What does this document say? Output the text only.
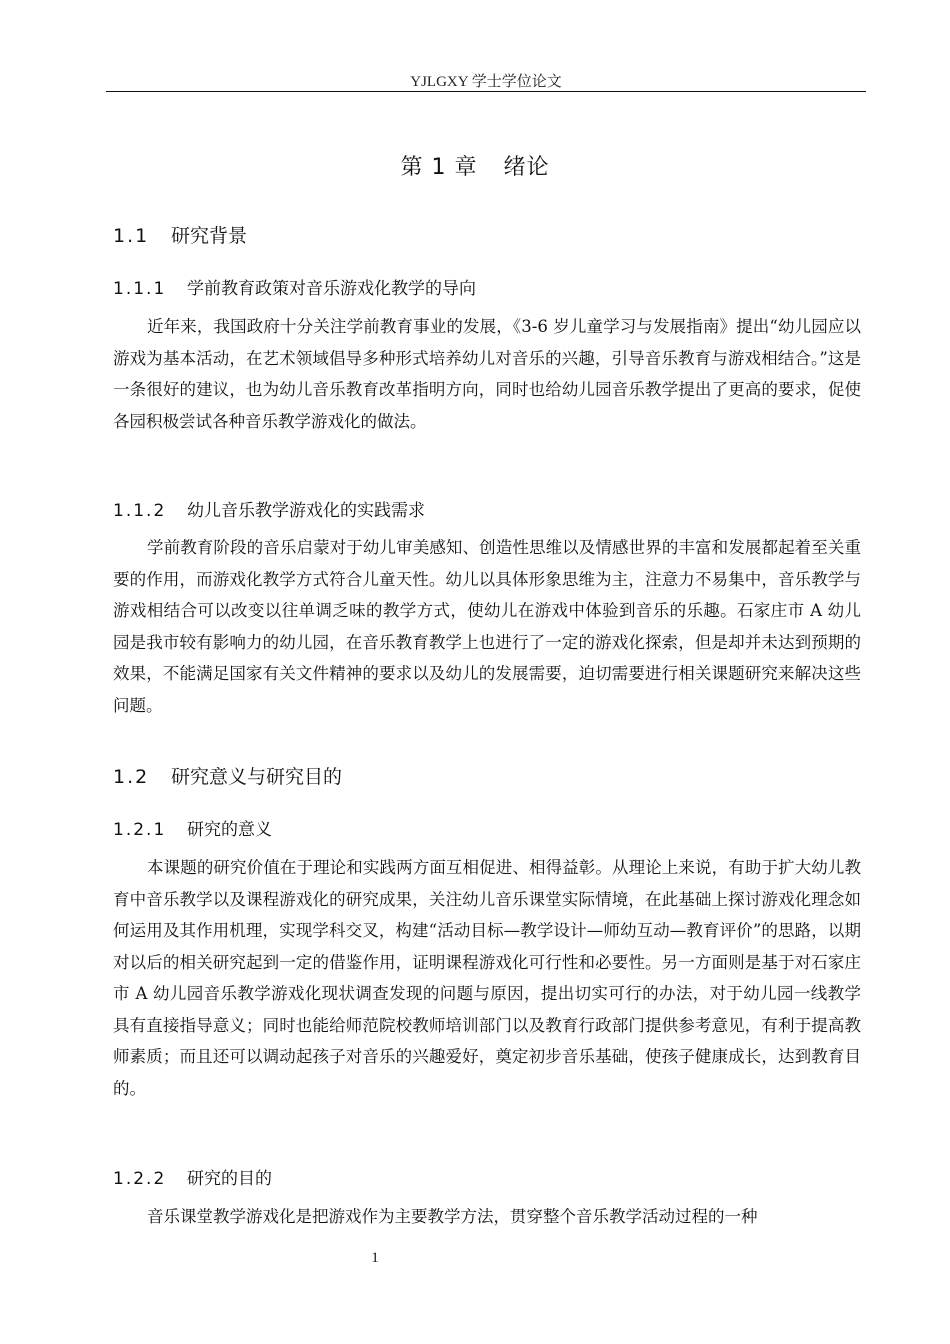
YJLGXY 学士学位论文
第 1 章 绪论
1.1 研究背景
1.1.1 学前教育政策对音乐游戏化教学的导向
近年来，我国政府十分关注学前教育事业的发展，《3-6 岁儿童学习与发展指南》提出“幼儿园应以游戏为基本活动，在艺术领域倡导多种形式培养幼儿对音乐的兴趣，引导音乐教育与游戏相结合。”这是一条很好的建议，也为幼儿音乐教育改革指明方向，同时也给幼儿园音乐教学提出了更高的要求，促使各园积极尝试各种音乐教学游戏化的做法。
1.1.2 幼儿音乐教学游戏化的实践需求
学前教育阶段的音乐启蒙对于幼儿审美感知、创造性思维以及情感世界的丰富和发展都起着至关重要的作用，而游戏化教学方式符合儿童天性。幼儿以具体形象思维为主，注意力不易集中，音乐教学与游戏相结合可以改变以往单调乏味的教学方式，使幼儿在游戏中体验到音乐的乐趣。石家庄市 A 幼儿园是我市较有影响力的幼儿园，在音乐教育教学上也进行了一定的游戏化探索，但是却并未达到预期的效果，不能满足国家有关文件精神的要求以及幼儿的发展需要，迫切需要进行相关课题研究来解决这些问题。
1.2 研究意义与研究目的
1.2.1 研究的意义
本课题的研究价值在于理论和实践两方面互相促进、相得益彰。从理论上来说，有助于扩大幼儿教育中音乐教学以及课程游戏化的研究成果，关注幼儿音乐课堂实际情境，在此基础上探讨游戏化理念如何运用及其作用机理，实现学科交叉，构建“活动目标—教学设计—师幼互动—教育评价”的思路，以期对以后的相关研究起到一定的借鉴作用，证明课程游戏化可行性和必要性。另一方面则是基于对石家庄市 A 幼儿园音乐教学游戏化现状调查发现的问题与原因，提出切实可行的办法，对于幼儿园一线教学具有直接指导意义；同时也能给师范院校教师培训部门以及教育行政部门提供参考意见，有利于提高教师素质；而且还可以调动起孩子对音乐的兴趣爱好，奠定初步音乐基础，使孩子健康成长，达到教育目的。
1.2.2 研究的目的
音乐课堂教学游戏化是把游戏作为主要教学方法，贯穿整个音乐教学活动过程的一种
1
